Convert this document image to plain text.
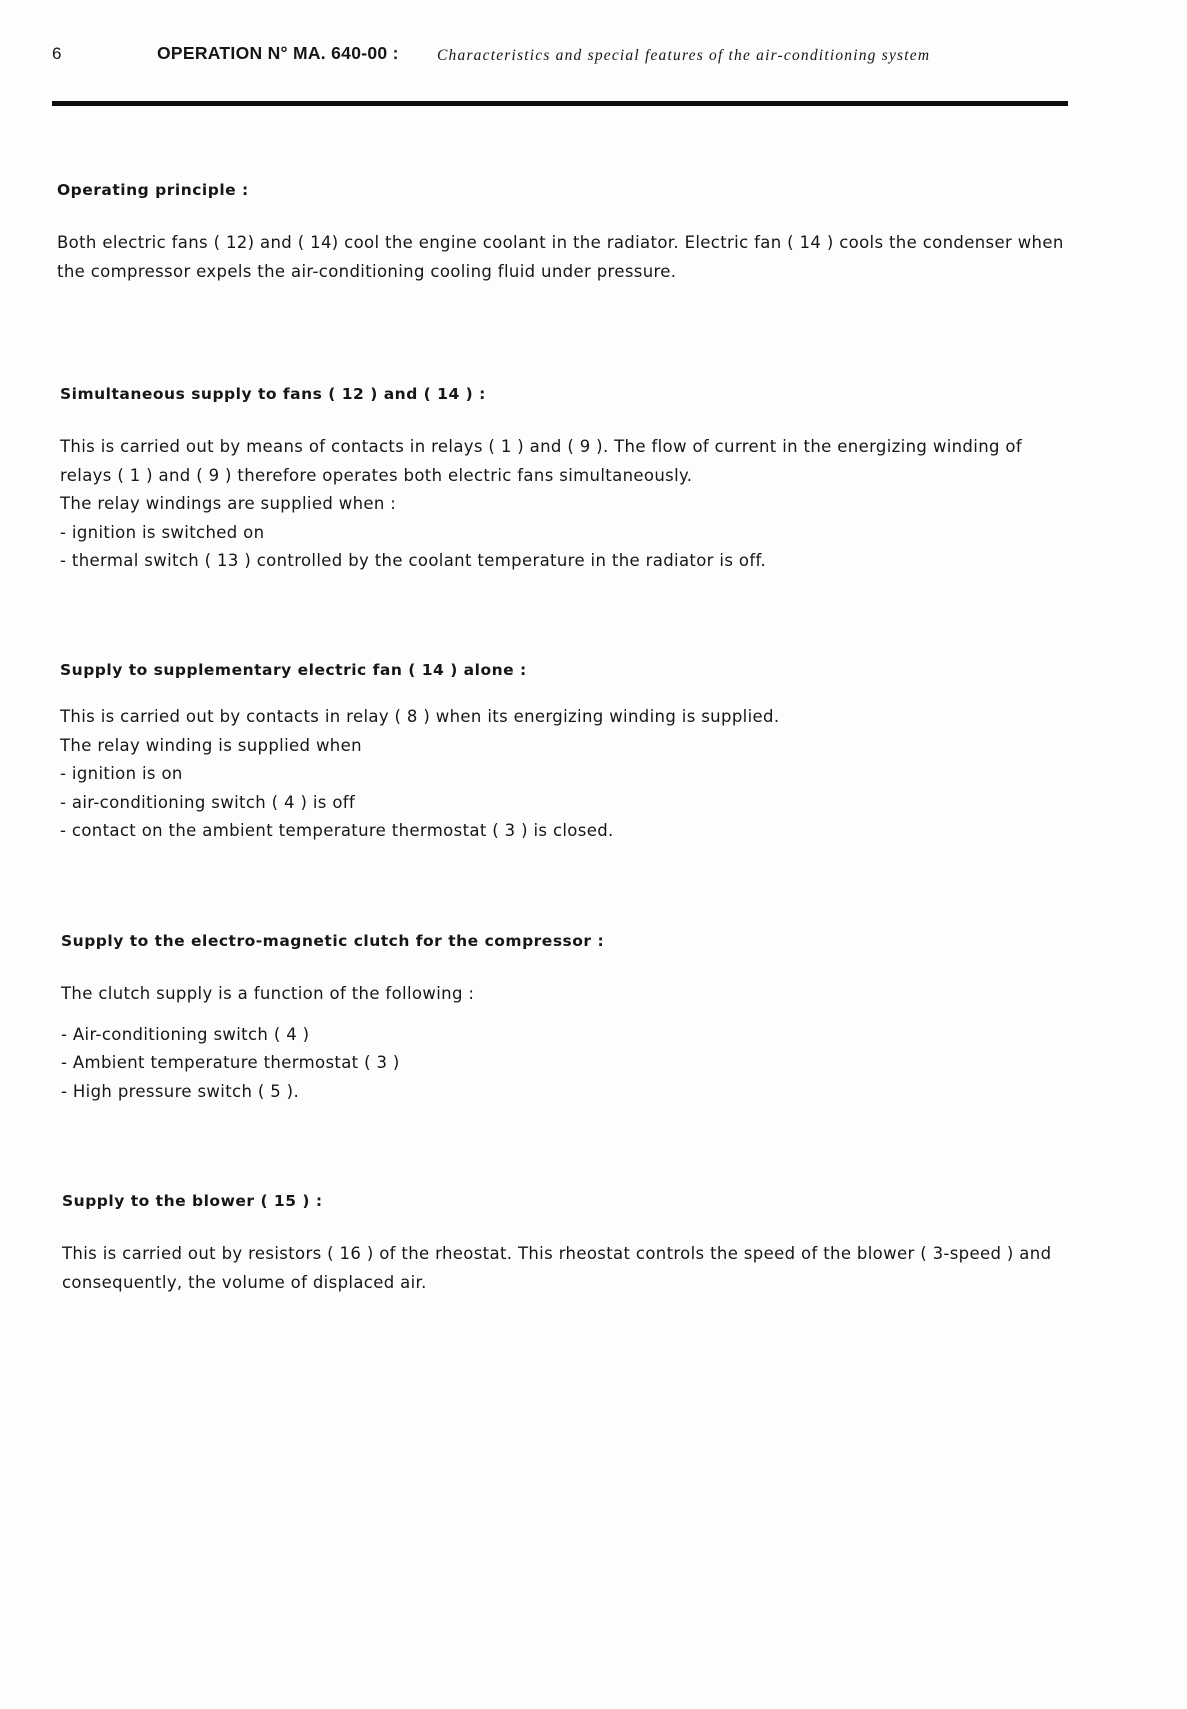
6	OPERATION N° MA. 640-00 : Characteristics and special features of the air-conditioning system
Operating principle :

Both electric fans ( 12) and ( 14) cool the engine coolant in the radiator. Electric fan ( 14 ) cools the condenser when the compressor expels the air-conditioning cooling fluid under pressure.

Simultaneous supply to fans ( 12 ) and ( 14 ) :

This is carried out by means of contacts in relays ( 1 ) and ( 9 ). The flow of current in the energizing winding of relays ( 1 ) and ( 9 ) therefore operates both electric fans simultaneously.

The relay windings are supplied when :
- ignition is switched on
- thermal switch ( 13 ) controlled by the coolant temperature in the radiator is off.
Supply to supplementary electric fan ( 14 ) alone :

This is carried out by contacts in relay ( 8 ) when its energizing winding is supplied.

The relay winding is supplied when
- ignition is on
- air-conditioning switch ( 4 ) is off
- contact on the ambient temperature thermostat ( 3 ) is closed.
Supply to the electro-magnetic clutch for the compressor :

The clutch supply is a function of the following :

- Air-conditioning switch ( 4 )
- Ambient temperature thermostat ( 3 )
- High pressure switch ( 5 ).
Supply to the blower ( 15 ) :

This is carried out by resistors ( 16 ) of the rheostat. This rheostat controls the speed of the blower ( 3-speed ) and consequently, the volume of displaced air.
